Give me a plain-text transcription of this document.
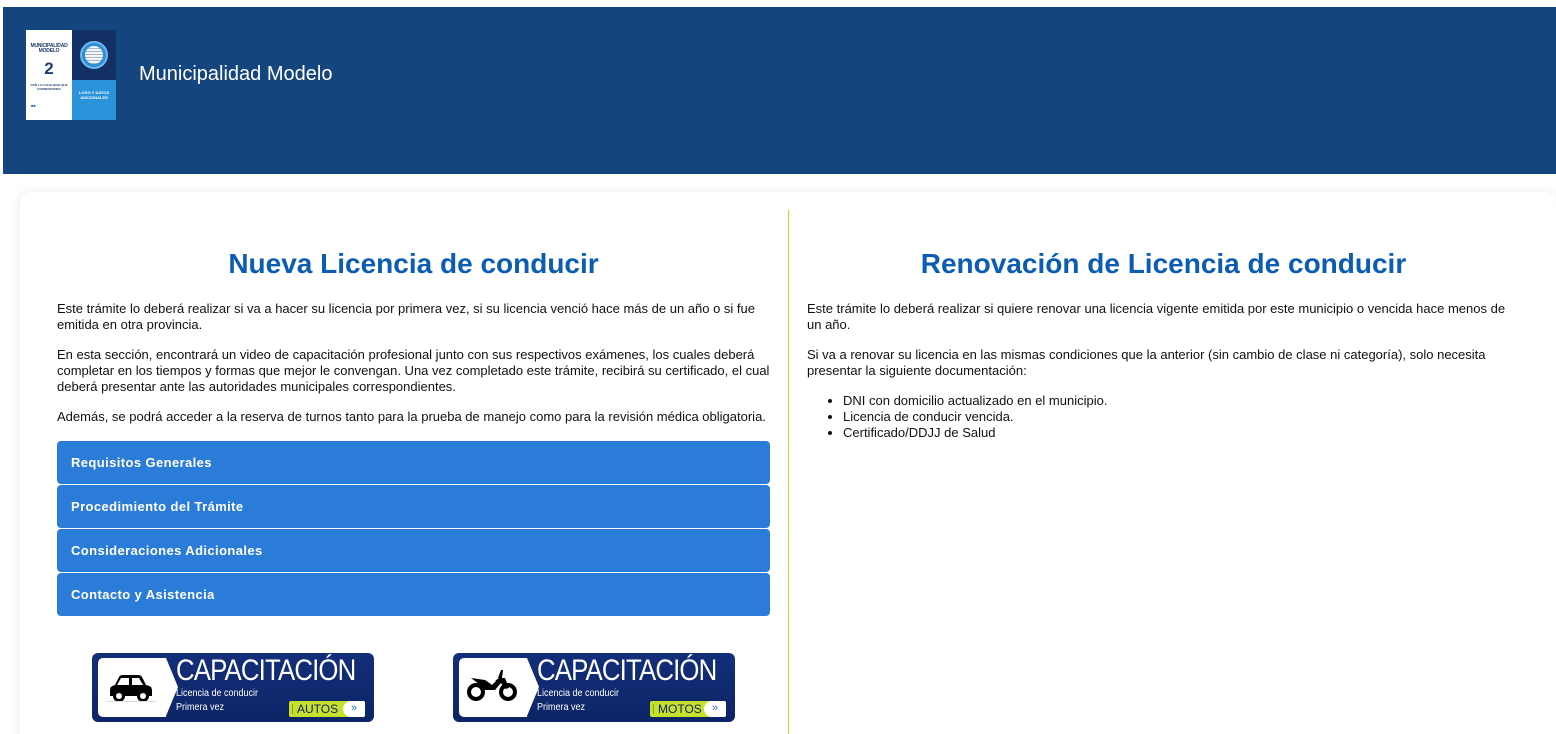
MUNICIPALIDAD MODELO
2
CON LA LOCALIDAD QUE CORRESPONDA
■■
LOGO Y DATOS ADICIONALES
Municipalidad Modelo
Nueva Licencia de conducir

Este trámite lo deberá realizar si va a hacer su licencia por primera vez, si su licencia venció hace más de un año o si fue emitida en otra provincia.

En esta sección, encontrará un video de capacitación profesional junto con sus respectivos exámenes, los cuales deberá completar en los tiempos y formas que mejor le convengan. Una vez completado este trámite, recibirá su certificado, el cual deberá presentar ante las autoridades municipales correspondientes.

Además, se podrá acceder a la reserva de turnos tanto para la prueba de manejo como para la revisión médica obligatoria.

Requisitos Generales
Procedimiento del Trámite
Consideraciones Adicionales
Contacto y Asistencia
CAPACITACIÓN
Licencia de conducir
Primera vez	AUTOS	»
CAPACITACIÓN
Licencia de conducir
Primera vez	MOTOS »
Renovación de Licencia de conducir

Este trámite lo deberá realizar si quiere renovar una licencia vigente emitida por este municipio o vencida hace menos de un año.

Si va a renovar su licencia en las mismas condiciones que la anterior (sin cambio de clase ni categoría), solo necesita presentar la siguiente documentación:

• DNI con domicilio actualizado en el municipio.
• Licencia de conducir vencida.
• Certificado/DDJJ de Salud
